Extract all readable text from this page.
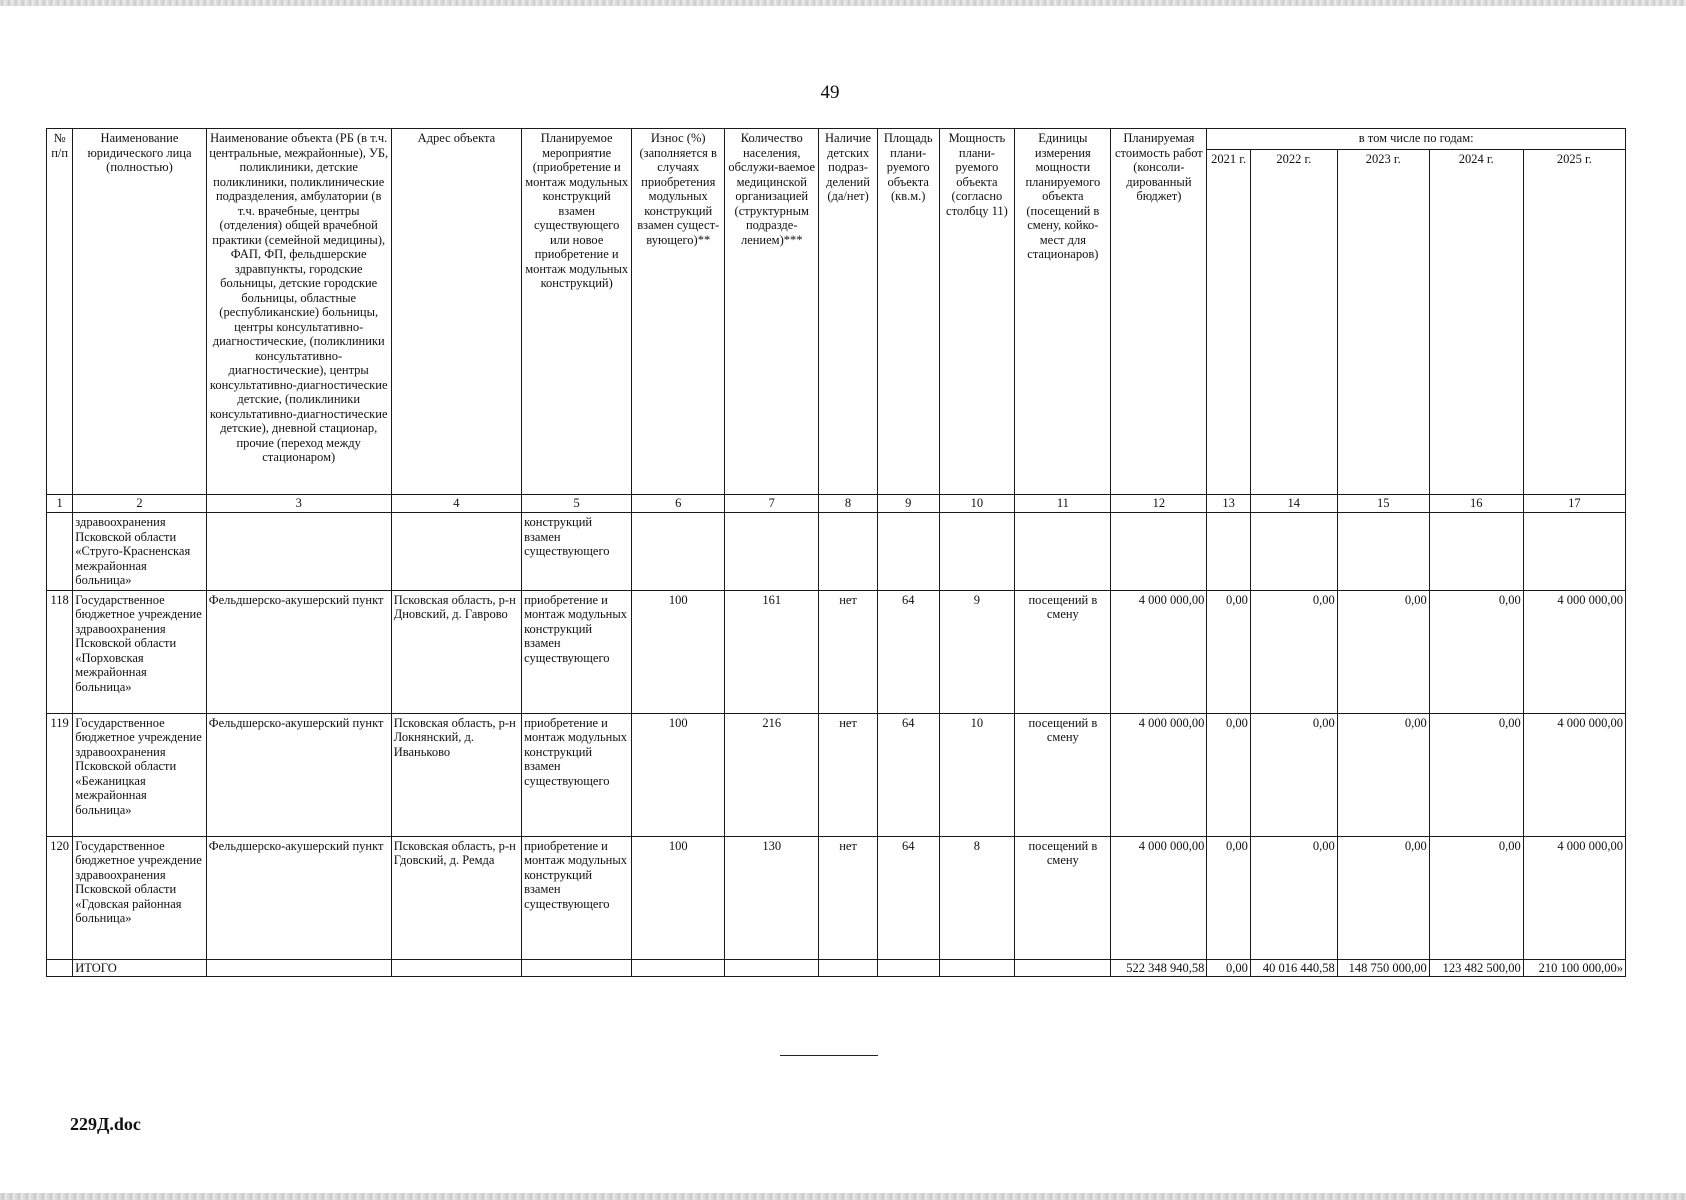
49
№ п/п	Наименование юридического лица (полностью)	Наименование объекта (РБ (в т.ч. центральные, межрайонные), УБ, поликлиники, детские поликлиники, поликлинические подразделения, амбулатории (в т.ч. врачебные, центры (отделения) общей врачебной практики (семейной медицины), ФАП, ФП, фельдшерские здравпункты, городские больницы, детские городские больницы, областные (республиканские) больницы, центры консультативно-диагностические, (поликлиники консультативно-диагностические), центры консультативно-диагностические детские, (поликлиники консультативно-диагностические детские), дневной стационар, прочие (переход между стационаром)	Адрес объекта	Планируемое мероприятие (приобретение и монтаж модульных конструкций взамен существующего или новое приобретение и монтаж модульных конструкций)	Износ (%) (заполняется в случаях приобретения модульных конструкций взамен сущест-вующего)**	Количество населения, обслужи-ваемое медицинской организацией (структурным подразде-лением)***	Наличие детских подраз-делений (да/нет)	Площадь плани-руемого объекта (кв.м.)	Мощность плани-руемого объекта (согласно столбцу 11)	Единицы измерения мощности планируемого объекта (посещений в смену, койко-мест для стационаров)	Планируемая стоимость работ (консоли-дированный бюджет)	в том числе по годам:				
												2021 г.	2022 г.	2023 г.	2024 г.	2025 г.
1	2	3	4	5	6	7	8	9	10	11	12	13	14	15	16	17
	здравоохранения Псковской области «Струго-Красненская межрайонная больница»			конструкций взамен существующего												
118	Государственное бюджетное учреждение здравоохранения Псковской области «Порховская межрайонная больница»	Фельдшерско-акушерский пункт	Псковская область, р-н Дновский, д. Гаврово	приобретение и монтаж модульных конструкций взамен существующего	100	161	нет	64	9	посещений в смену	4 000 000,00	0,00	0,00	0,00	0,00	4 000 000,00
119	Государственное бюджетное учреждение здравоохранения Псковской области «Бежаницкая межрайонная больница»	Фельдшерско-акушерский пункт	Псковская область, р-н Локнянский, д. Иваньково	приобретение и монтаж модульных конструкций взамен существующего	100	216	нет	64	10	посещений в смену	4 000 000,00	0,00	0,00	0,00	0,00	4 000 000,00
120	Государственное бюджетное учреждение здравоохранения Псковской области «Гдовская районная больница»	Фельдшерско-акушерский пункт	Псковская область, р-н Гдовский, д. Ремда	приобретение и монтаж модульных конструкций взамен существующего	100	130	нет	64	8	посещений в смену	4 000 000,00	0,00	0,00	0,00	0,00	4 000 000,00
	ИТОГО										522 348 940,58	0,00	40 016 440,58	148 750 000,00	123 482 500,00	210 100 000,00»
229Д.doc
